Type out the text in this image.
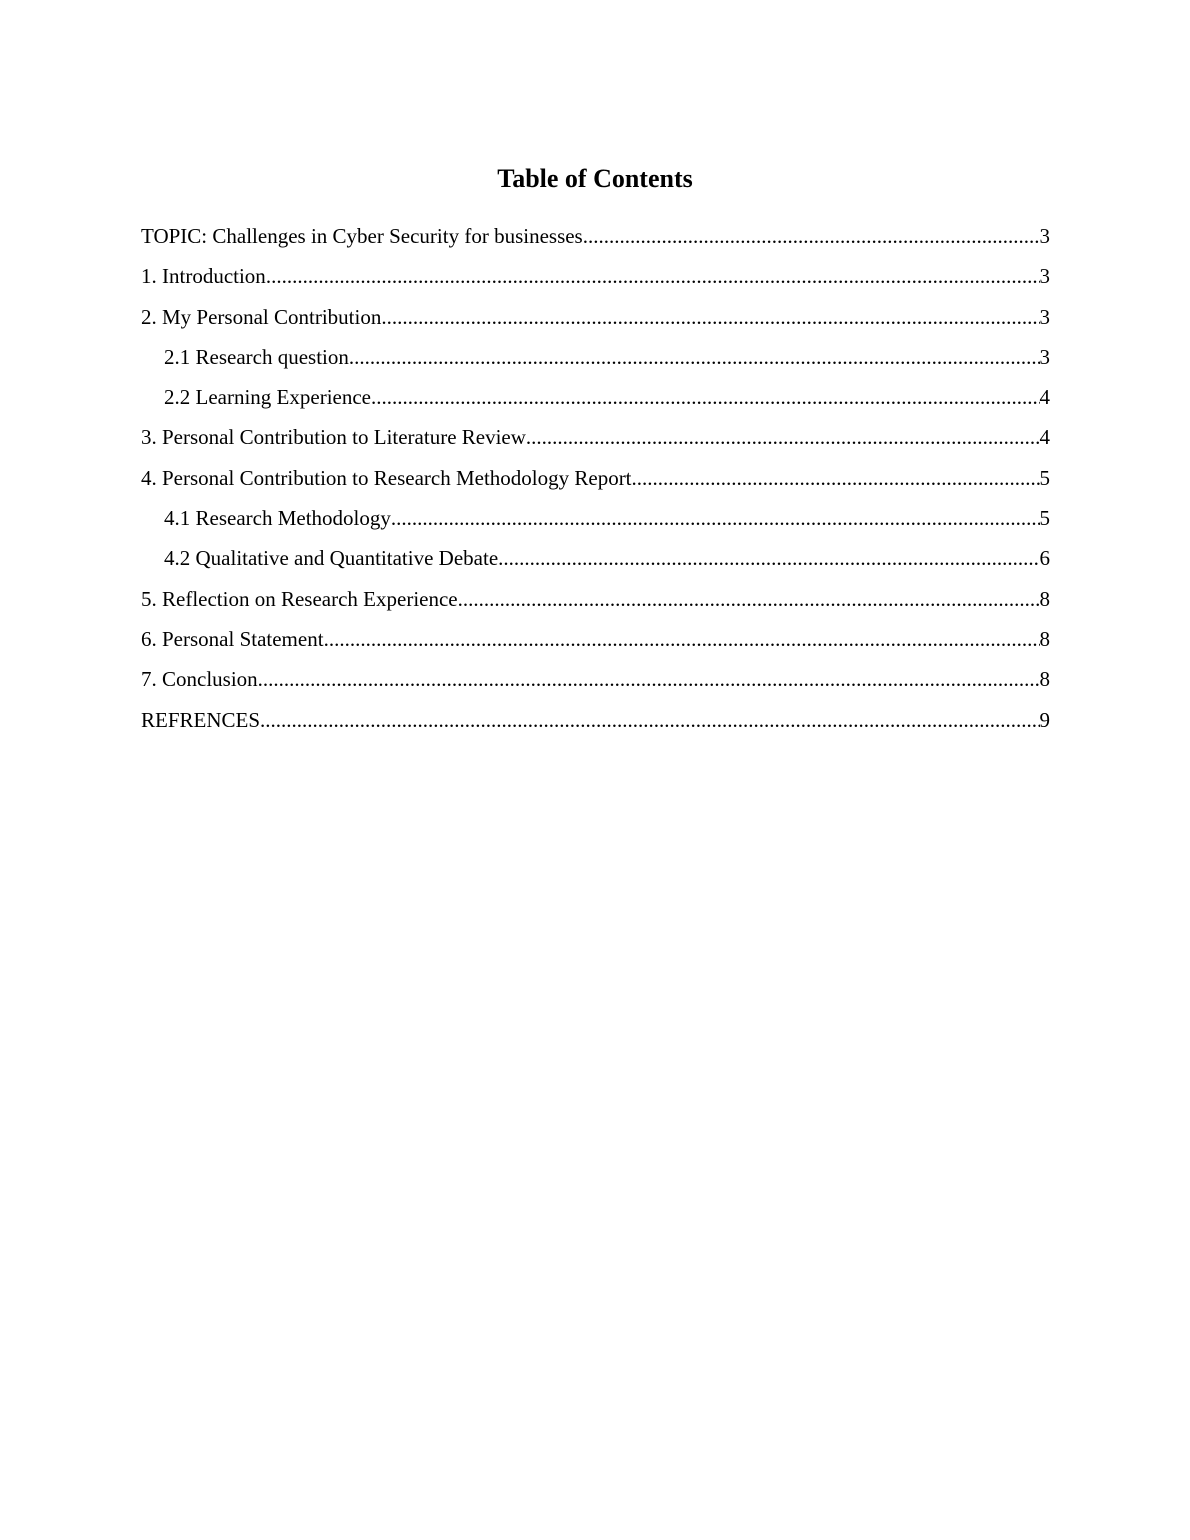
Table of Contents
TOPIC: Challenges in Cyber Security for businesses .....	3
1. Introduction .....	3
2. My Personal Contribution .....	3
2.1 Research question .....	3
2.2 Learning Experience .....	4
3. Personal Contribution to Literature Review .....	4
4. Personal Contribution to Research Methodology Report .....	5
4.1 Research Methodology .....	5
4.2 Qualitative and Quantitative Debate .....	6
5. Reflection on Research Experience .....	8
6. Personal Statement .....	8
7. Conclusion .....	8
REFRENCES .....	9
